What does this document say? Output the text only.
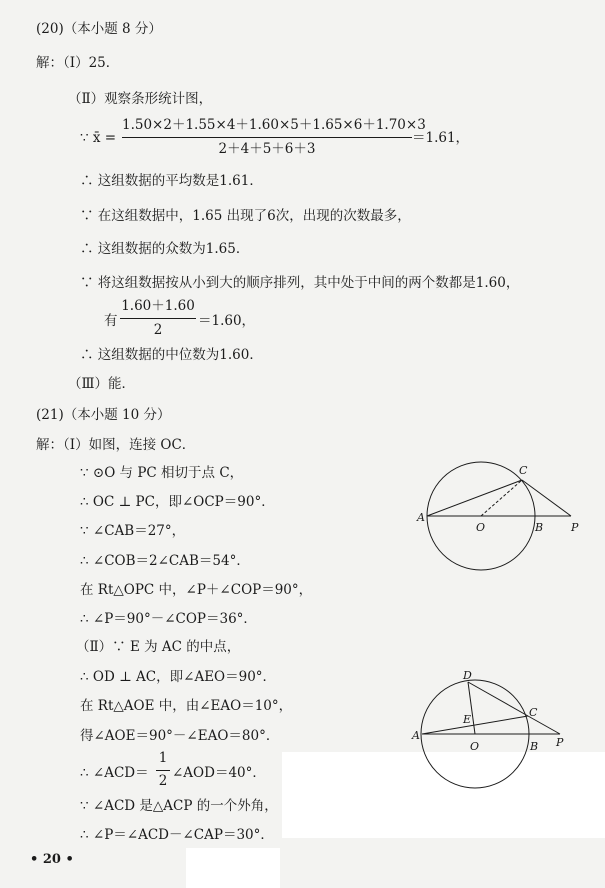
(20)（本小题 8 分）
解：（Ⅰ）25．
（Ⅱ）观察条形统计图，
∵ x̄ =
1.50×2＋1.55×4＋1.60×5＋1.65×6＋1.70×3
2＋4＋5＋6＋3
＝1.61，
∴ 这组数据的平均数是1.61．
∵ 在这组数据中，1.65 出现了6次，出现的次数最多，
∴ 这组数据的众数为1.65．
∵ 将这组数据按从小到大的顺序排列，其中处于中间的两个数都是1.60，
有
1.60＋1.60
2
＝1.60，
∴ 这组数据的中位数为1.60．
（Ⅲ）能．
(21)（本小题 10 分）
解：（Ⅰ）如图，连接 OC．
∵ ⊙O 与 PC 相切于点 C，
∴ OC ⊥ PC，即∠OCP＝90°．
∵ ∠CAB＝27°，
∴ ∠COB＝2∠CAB＝54°．
在 Rt△OPC 中，∠P＋∠COP＝90°，
∴ ∠P＝90°－∠COP＝36°．
（Ⅱ）∵ E 为 AC 的中点，
∴ OD ⊥ AC，即∠AEO＝90°．
在 Rt△AOE 中，由∠EAO＝10°，
得∠AOE＝90°－∠EAO＝80°．
∴ ∠ACD＝
1
2 ∠AOD＝40°．
∵ ∠ACD 是△ACP 的一个外角，
∴ ∠P＝∠ACD－∠CAP＝30°．
• 20 •
A
O	B
C
P
A
O	B
C
P
D
E
